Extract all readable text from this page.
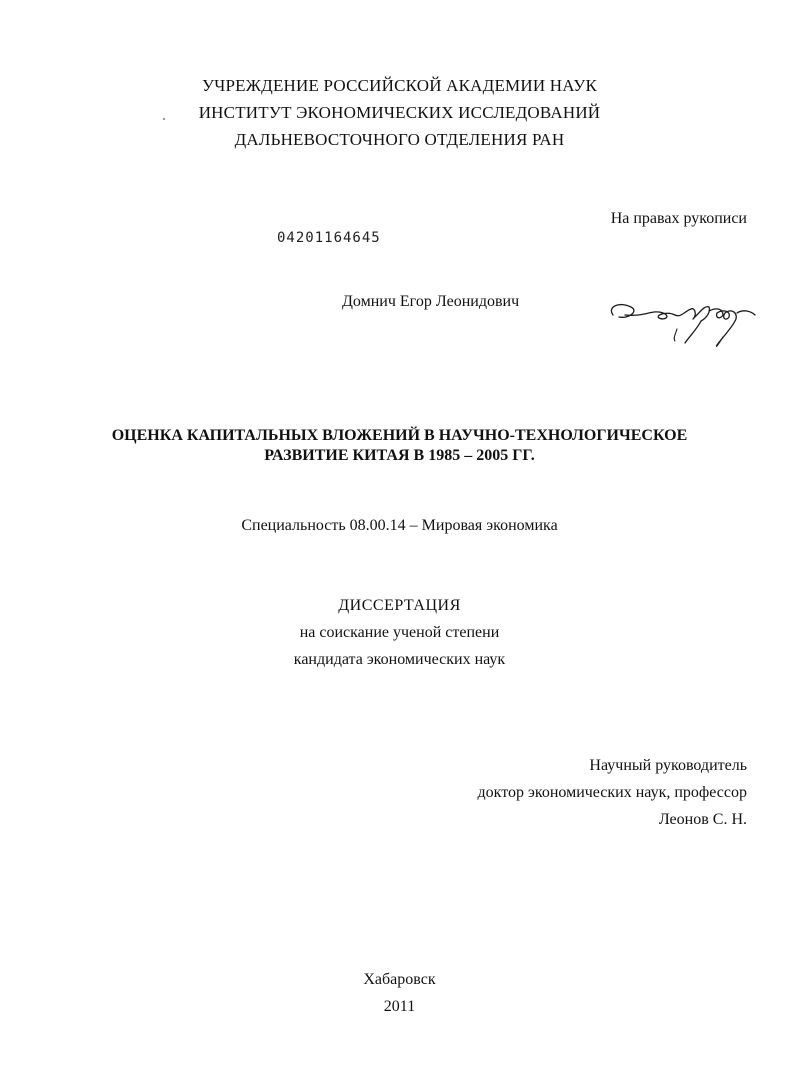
УЧРЕЖДЕНИЕ РОССИЙСКОЙ АКАДЕМИИ НАУК
ИНСТИТУТ ЭКОНОМИЧЕСКИХ ИССЛЕДОВАНИЙ
ДАЛЬНЕВОСТОЧНОГО ОТДЕЛЕНИЯ РАН
На правах рукописи
04201164645
Домнич Егор Леонидович
ОЦЕНКА КАПИТАЛЬНЫХ ВЛОЖЕНИЙ В НАУЧНО-ТЕХНОЛОГИЧЕСКОЕ
РАЗВИТИЕ КИТАЯ В 1985 – 2005 ГГ.
Специальность 08.00.14 – Мировая экономика
ДИССЕРТАЦИЯ
на соискание ученой степени
кандидата экономических наук
Научный руководитель
доктор экономических наук, профессор
Леонов С. Н.
Хабаровск
2011
